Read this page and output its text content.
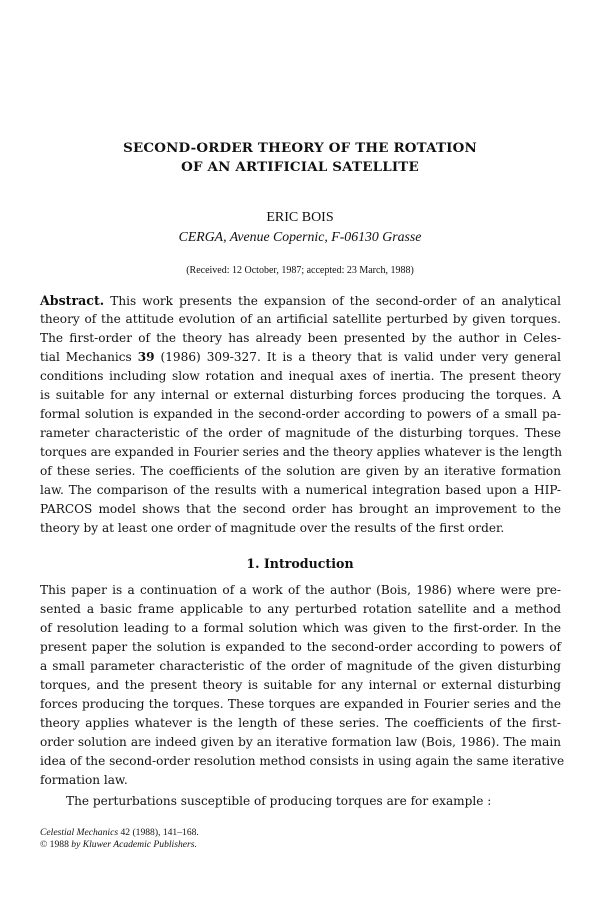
SECOND-ORDER THEORY OF THE ROTATION
OF AN ARTIFICIAL SATELLITE
ERIC BOIS
CERGA, Avenue Copernic, F-06130 Grasse
(Received: 12 October, 1987; accepted: 23 March, 1988)
Abstract. This work presents the expansion of the second-order of an analytical
theory of the attitude evolution of an artificial satellite perturbed by given torques.
The first-order of the theory has already been presented by the author in Celes-
tial Mechanics 39 (1986) 309-327. It is a theory that is valid under very general
conditions including slow rotation and inequal axes of inertia. The present theory
is suitable for any internal or external disturbing forces producing the torques. A
formal solution is expanded in the second-order according to powers of a small pa-
rameter characteristic of the order of magnitude of the disturbing torques. These
torques are expanded in Fourier series and the theory applies whatever is the length
of these series. The coefficients of the solution are given by an iterative formation
law. The comparison of the results with a numerical integration based upon a HIP-
PARCOS model shows that the second order has brought an improvement to the
theory by at least one order of magnitude over the results of the first order.
1. Introduction
This paper is a continuation of a work of the author (Bois, 1986) where were pre-
sented a basic frame applicable to any perturbed rotation satellite and a method
of resolution leading to a formal solution which was given to the first-order. In the
present paper the solution is expanded to the second-order according to powers of
a small parameter characteristic of the order of magnitude of the given disturbing
torques, and the present theory is suitable for any internal or external disturbing
forces producing the torques. These torques are expanded in Fourier series and the
theory applies whatever is the length of these series. The coefficients of the first-
order solution are indeed given by an iterative formation law (Bois, 1986). The main
idea of the second-order resolution method consists in using again the same iterative
formation law.
The perturbations susceptible of producing torques are for example :
Celestial Mechanics 42 (1988), 141–168.
© 1988 by Kluwer Academic Publishers.
